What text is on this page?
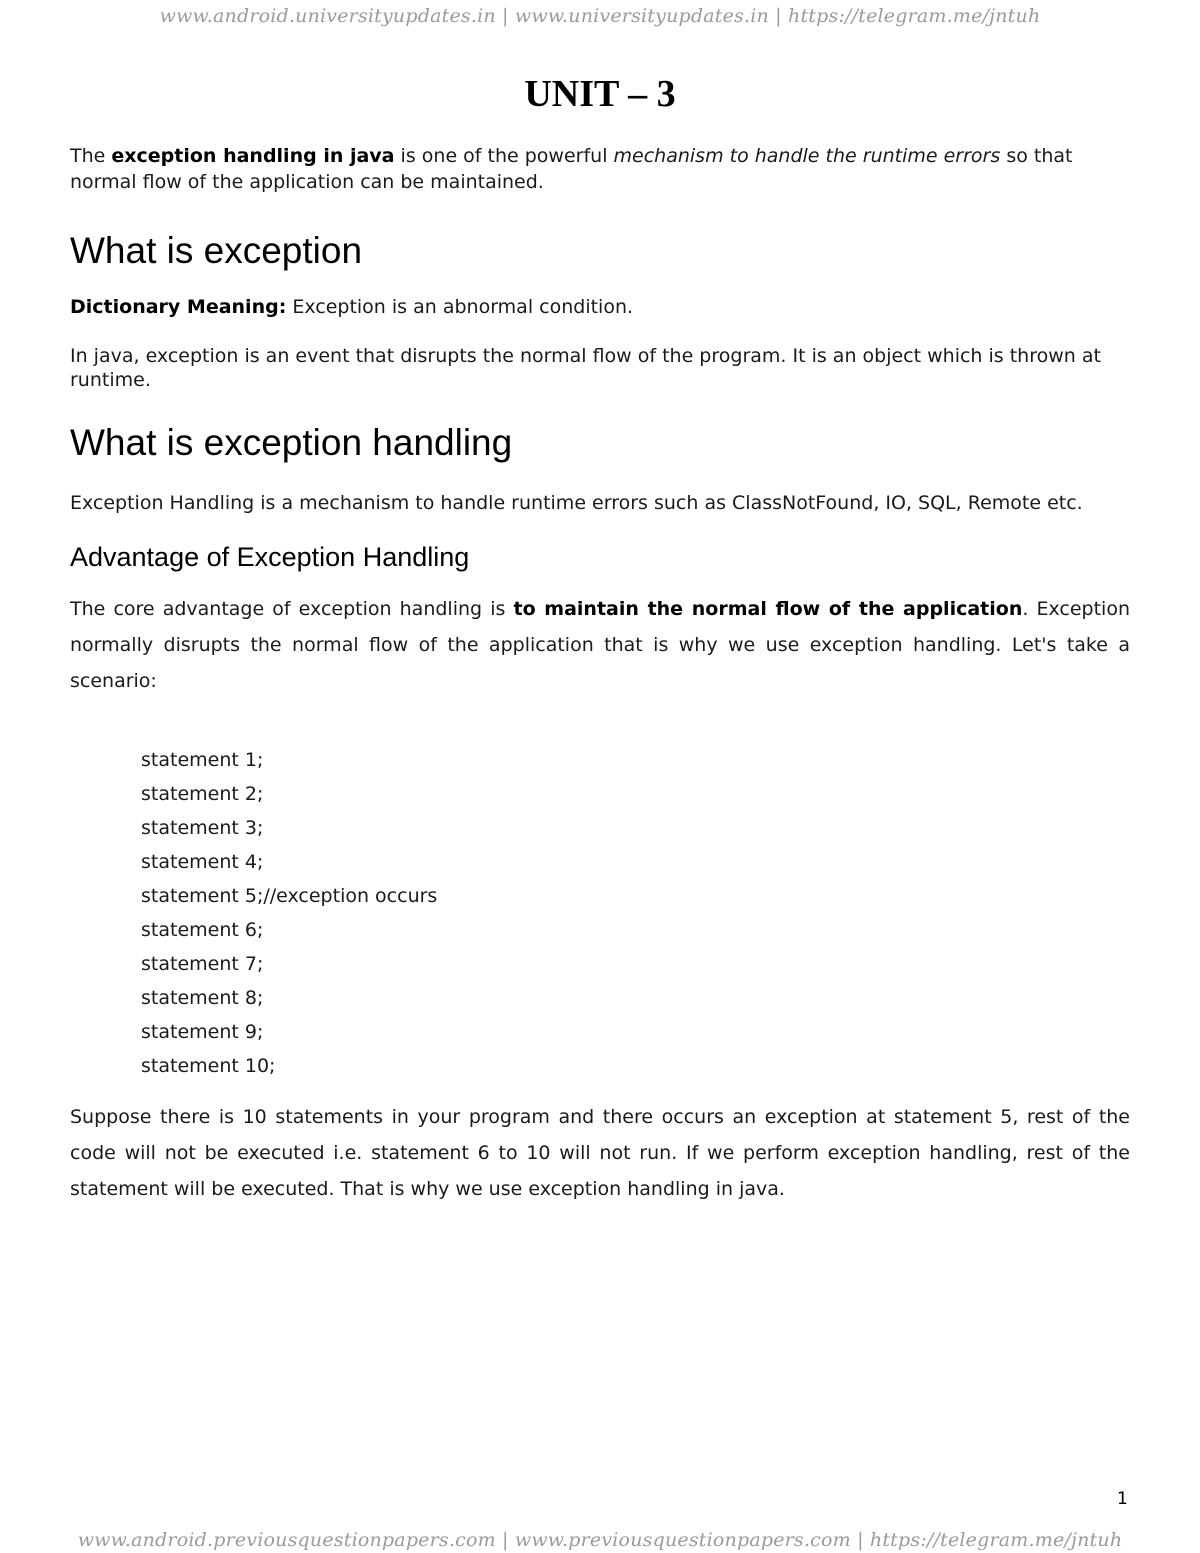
www.android.universityupdates.in | www.universityupdates.in | https://telegram.me/jntuh
UNIT – 3

The exception handling in java is one of the powerful mechanism to handle the runtime errors so that normal flow of the application can be maintained.

What is exception

Dictionary Meaning: Exception is an abnormal condition.

In java, exception is an event that disrupts the normal flow of the program. It is an object which is thrown at runtime.

What is exception handling

Exception Handling is a mechanism to handle runtime errors such as ClassNotFound, IO, SQL, Remote etc.

Advantage of Exception Handling

The core advantage of exception handling is to maintain the normal flow of the application. Exception normally disrupts the normal flow of the application that is why we use exception handling. Let's take a scenario:

statement 1;
statement 2;
statement 3;
statement 4;
statement 5;//exception occurs
statement 6;
statement 7;
statement 8;
statement 9;
statement 10;

Suppose there is 10 statements in your program and there occurs an exception at statement 5, rest of the code will not be executed i.e. statement 6 to 10 will not run. If we perform exception handling, rest of the statement will be executed. That is why we use exception handling in java.

1
www.android.previousquestionpapers.com | www.previousquestionpapers.com | https://telegram.me/jntuh
